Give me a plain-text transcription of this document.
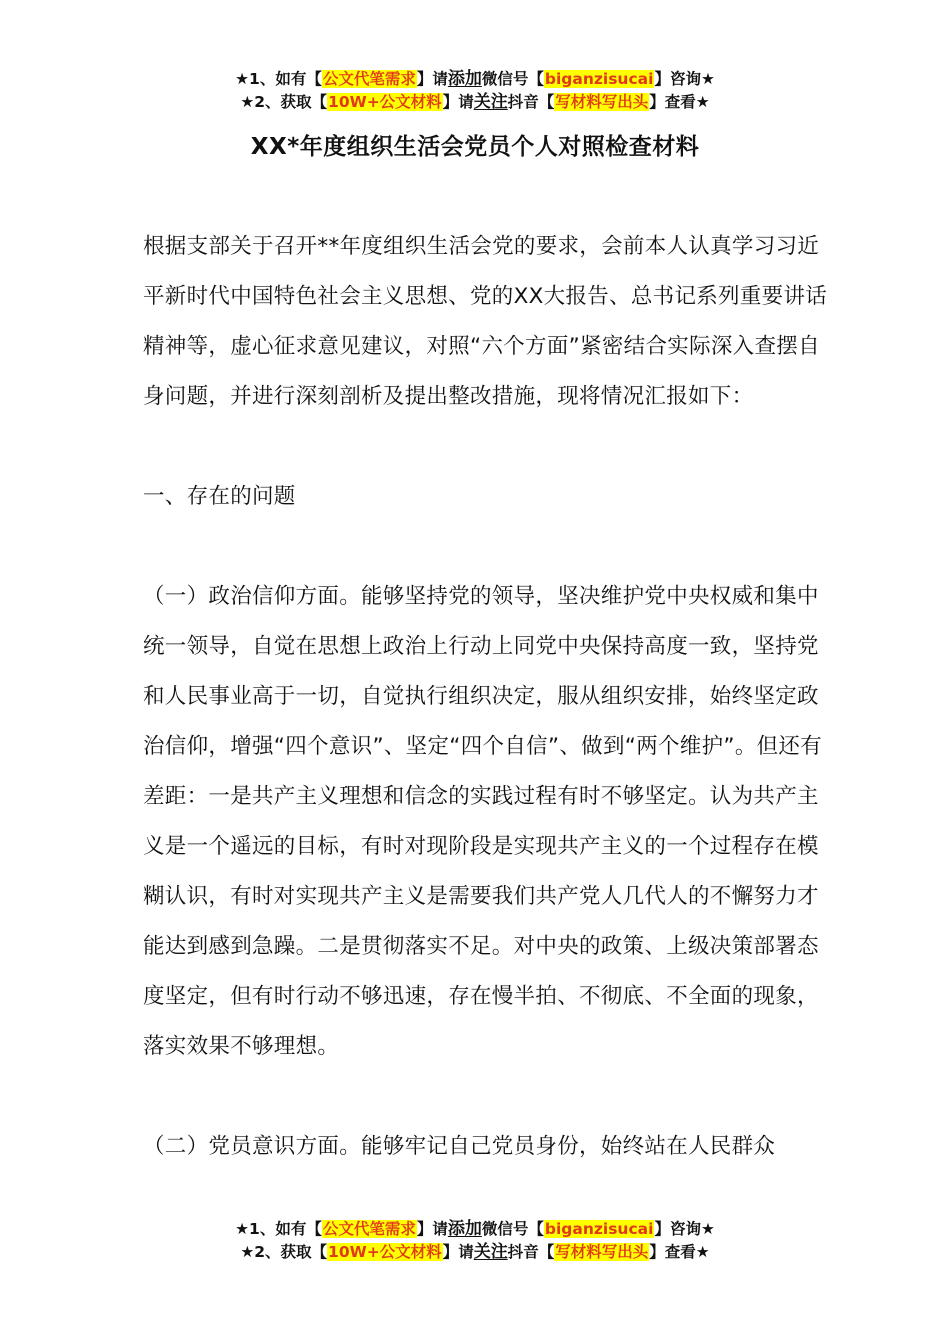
★1、如有【公文代笔需求】请添加微信号【biganzisucai】咨询★
★2、获取【10W+公文材料】请关注抖音【写材料写出头】查看★
XX*年度组织生活会党员个人对照检查材料

根据支部关于召开**年度组织生活会党的要求，会前本人认真学习习近平新时代中国特色社会主义思想、党的XX大报告、总书记系列重要讲话精神等，虚心征求意见建议，对照“六个方面”紧密结合实际深入查摆自身问题，并进行深刻剖析及提出整改措施，现将情况汇报如下：

一、存在的问题

（一）政治信仰方面。能够坚持党的领导，坚决维护党中央权威和集中统一领导，自觉在思想上政治上行动上同党中央保持高度一致，坚持党和人民事业高于一切，自觉执行组织决定，服从组织安排，始终坚定政治信仰，增强“四个意识”、坚定“四个自信”、做到“两个维护”。但还有差距：一是共产主义理想和信念的实践过程有时不够坚定。认为共产主义是一个遥远的目标，有时对现阶段是实现共产主义的一个过程存在模糊认识，有时对实现共产主义是需要我们共产党人几代人的不懈努力才能达到感到急躁。二是贯彻落实不足。对中央的政策、上级决策部署态度坚定，但有时行动不够迅速，存在慢半拍、不彻底、不全面的现象，落实效果不够理想。

（二）党员意识方面。能够牢记自己党员身份，始终站在人民群众

★1、如有【公文代笔需求】请添加微信号【biganzisucai】咨询★
★2、获取【10W+公文材料】请关注抖音【写材料写出头】查看★
